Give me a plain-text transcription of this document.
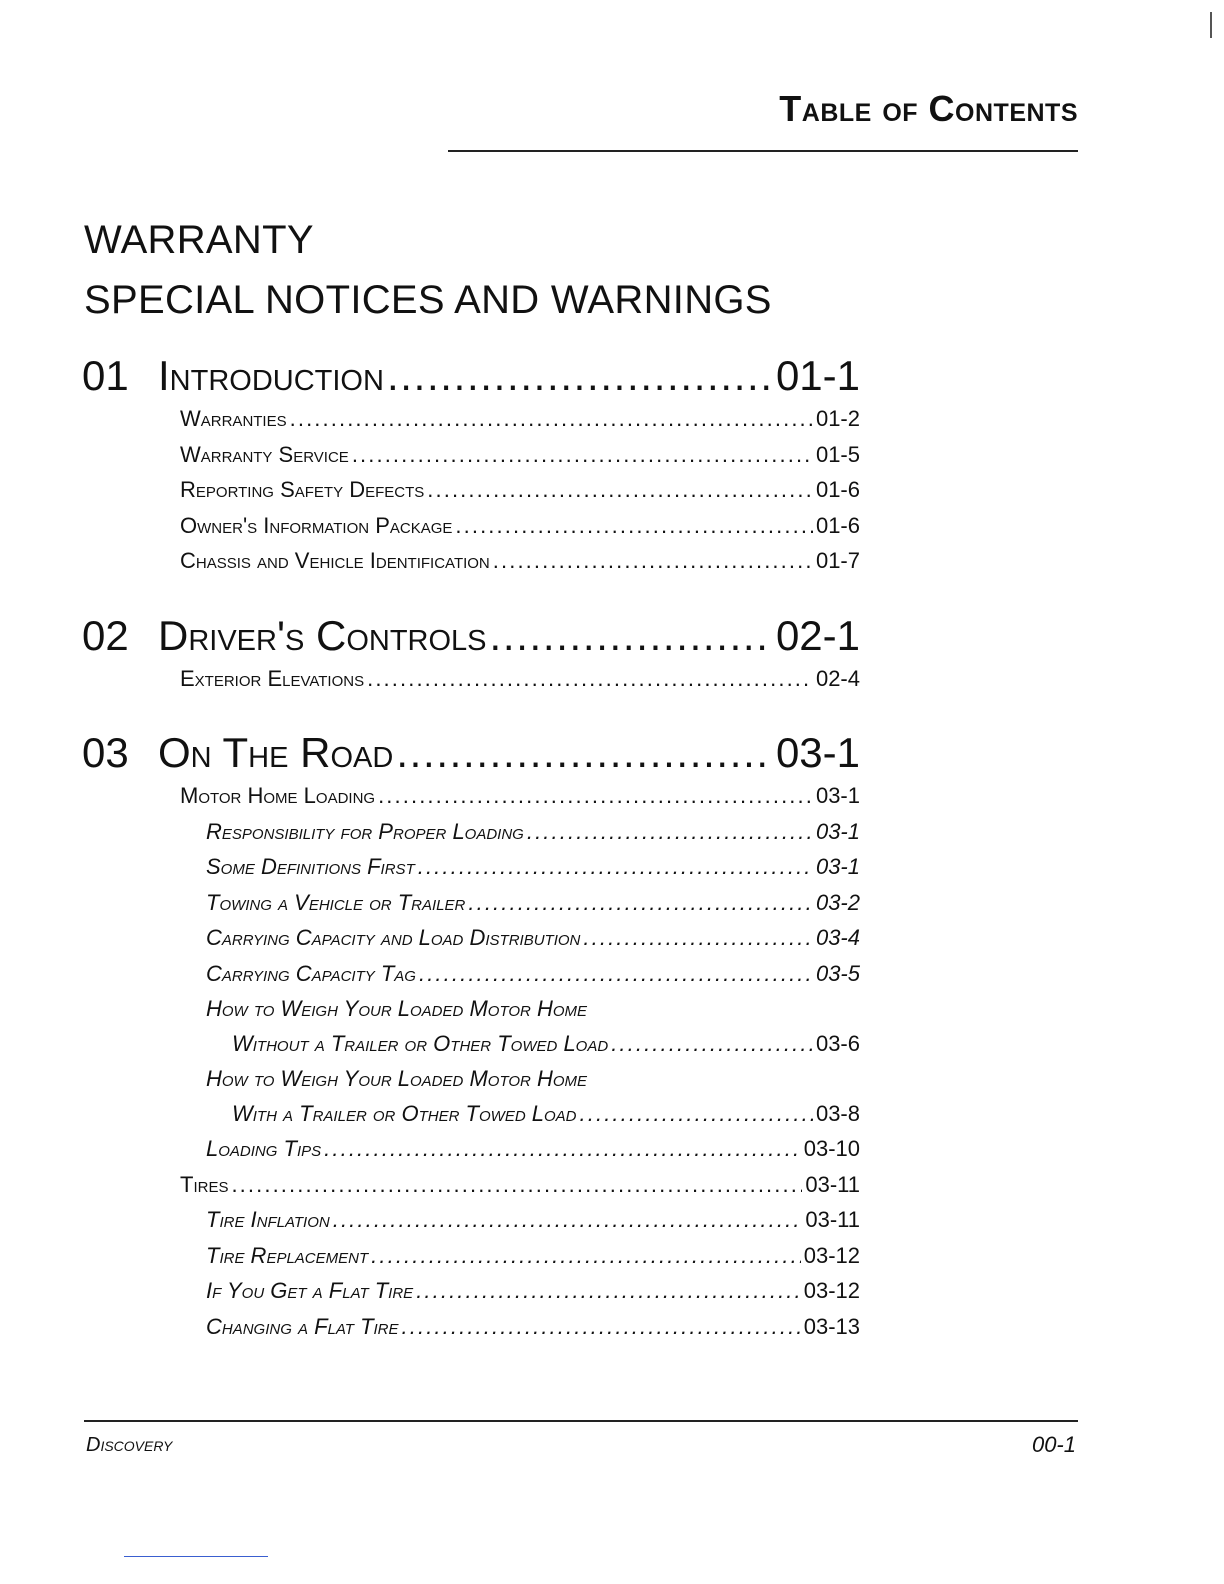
Table of Contents
WARRANTY
SPECIAL NOTICES AND WARNINGS
01 Introduction . . .	01-1
Warranties . . .	01-2
Warranty Service . . .	01-5
Reporting Safety Defects . . .	01-6
Owner's Information Package . . .	01-6
Chassis and Vehicle Identification . . .	01-7
02 Driver's Controls . . .	02-1
Exterior Elevations . . .	02-4
03 On The Road . . .	03-1
Motor Home Loading . . .	03-1
Responsibility for Proper Loading . . .	03-1
Some Definitions First . . .	03-1
Towing a Vehicle or Trailer . . .	03-2
Carrying Capacity and Load Distribution . . .	03-4
Carrying Capacity Tag . . .	03-5
How to Weigh Your Loaded Motor Home
Without a Trailer or Other Towed Load . . .	03-6
How to Weigh Your Loaded Motor Home
With a Trailer or Other Towed Load . . .	03-8
Loading Tips . . .	03-10
Tires . . .	03-11
Tire Inflation . . .	03-11
Tire Replacement . . .	03-12
If You Get a Flat Tire . . .	03-12
Changing a Flat Tire . . .	03-13
Discovery	00-1
